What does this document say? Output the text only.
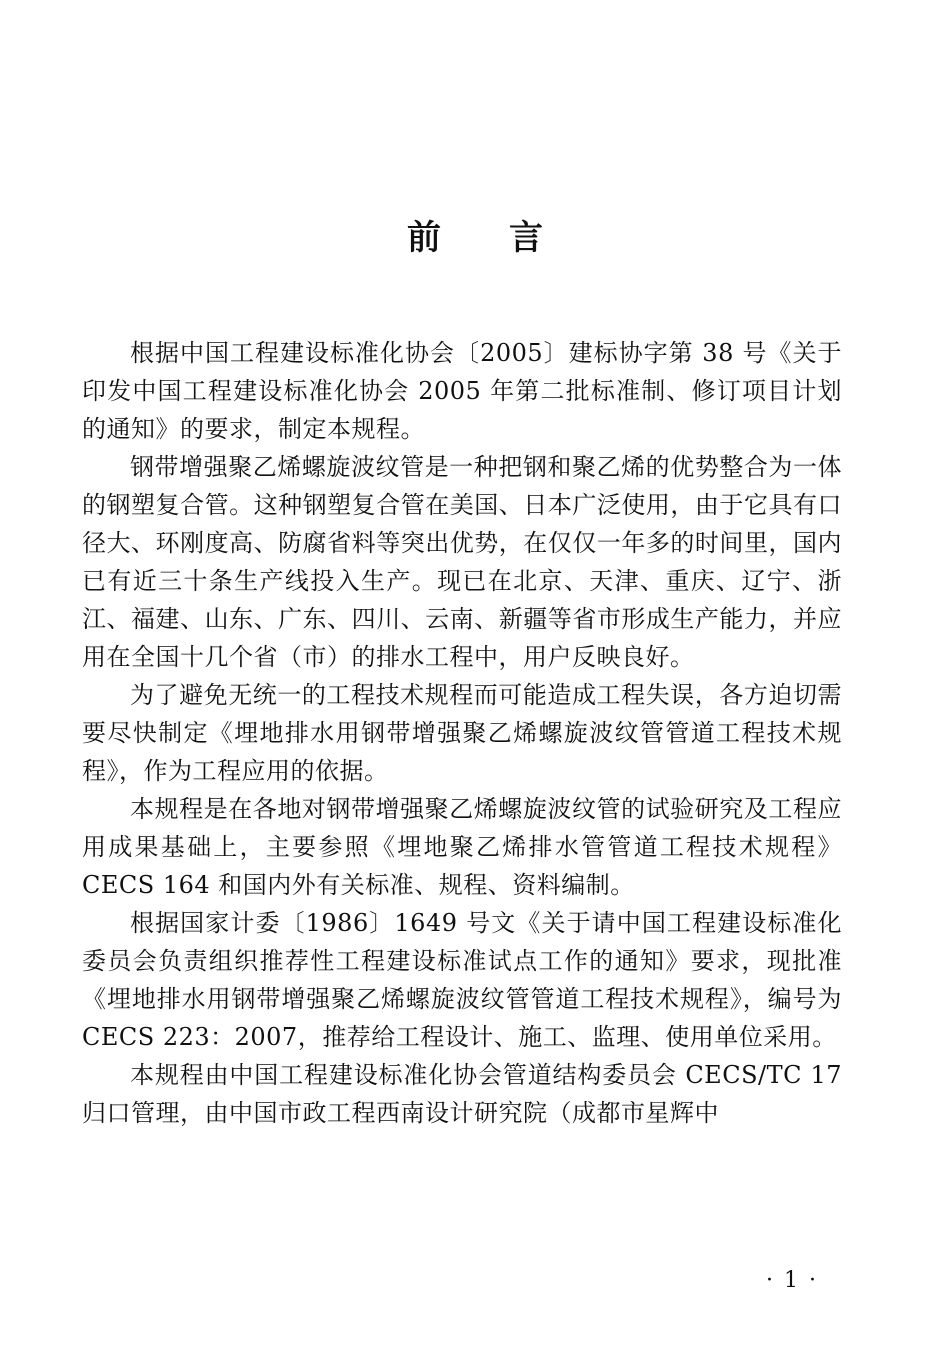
前 言

根据中国工程建设标准化协会〔2005〕建标协字第 38 号《关于印发中国工程建设标准化协会 2005 年第二批标准制、修订项目计划的通知》的要求，制定本规程。

钢带增强聚乙烯螺旋波纹管是一种把钢和聚乙烯的优势整合为一体的钢塑复合管。这种钢塑复合管在美国、日本广泛使用，由于它具有口径大、环刚度高、防腐省料等突出优势，在仅仅一年多的时间里，国内已有近三十条生产线投入生产。现已在北京、天津、重庆、辽宁、浙江、福建、山东、广东、四川、云南、新疆等省市形成生产能力，并应用在全国十几个省（市）的排水工程中，用户反映良好。

为了避免无统一的工程技术规程而可能造成工程失误，各方迫切需要尽快制定《埋地排水用钢带增强聚乙烯螺旋波纹管管道工程技术规程》，作为工程应用的依据。

本规程是在各地对钢带增强聚乙烯螺旋波纹管的试验研究及工程应用成果基础上，主要参照《埋地聚乙烯排水管管道工程技术规程》CECS 164 和国内外有关标准、规程、资料编制。

根据国家计委〔1986〕1649 号文《关于请中国工程建设标准化委员会负责组织推荐性工程建设标准试点工作的通知》要求，现批准《埋地排水用钢带增强聚乙烯螺旋波纹管管道工程技术规程》，编号为 CECS 223：2007，推荐给工程设计、施工、监理、使用单位采用。

本规程由中国工程建设标准化协会管道结构委员会 CECS/TC 17 归口管理，由中国市政工程西南设计研究院（成都市星辉中

· 1 ·
